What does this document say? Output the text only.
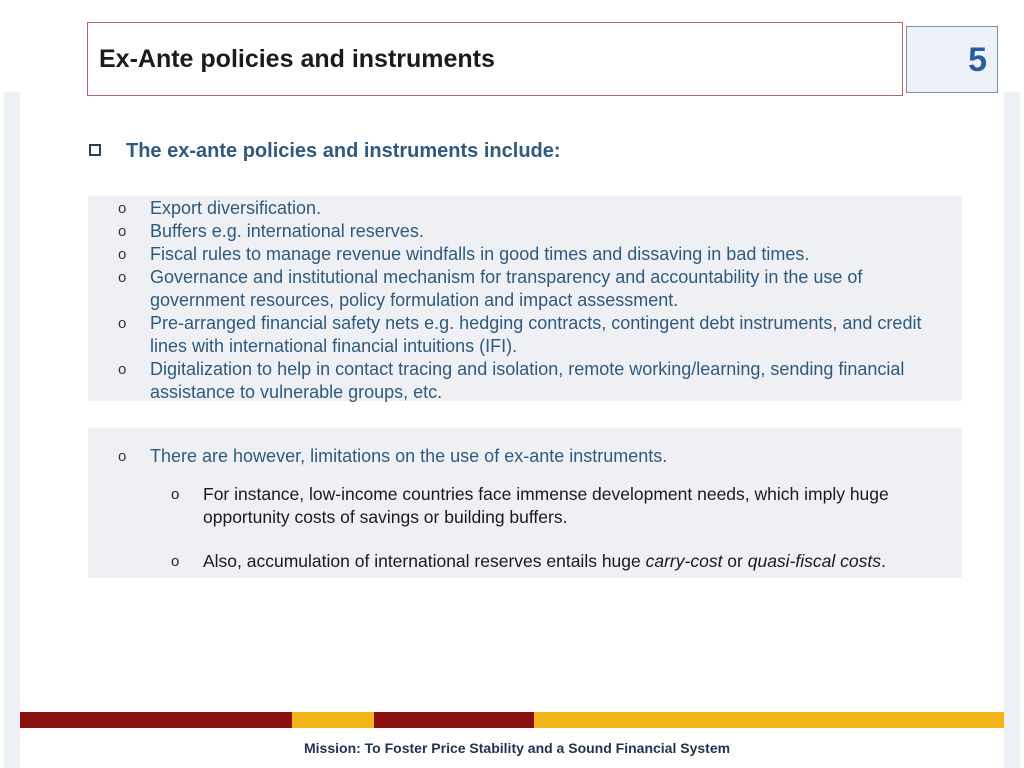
Ex-Ante policies and instruments	5
The ex-ante policies and instruments include:
o Export diversification.
o Buffers e.g. international reserves.
o Fiscal rules to manage revenue windfalls in good times and dissaving in bad times.
o Governance and institutional mechanism for transparency and accountability in the use of government resources, policy formulation and impact assessment.
o Pre-arranged financial safety nets e.g. hedging contracts, contingent debt instruments, and credit lines with international financial intuitions (IFI).
o Digitalization to help in contact tracing and isolation, remote working/learning, sending financial assistance to vulnerable groups, etc.
o There are however, limitations on the use of ex-ante instruments.
o For instance, low-income countries face immense development needs, which imply huge opportunity costs of savings or building buffers.
o Also, accumulation of international reserves entails huge carry-cost or quasi-fiscal costs.
Mission: To Foster Price Stability and a Sound Financial System
